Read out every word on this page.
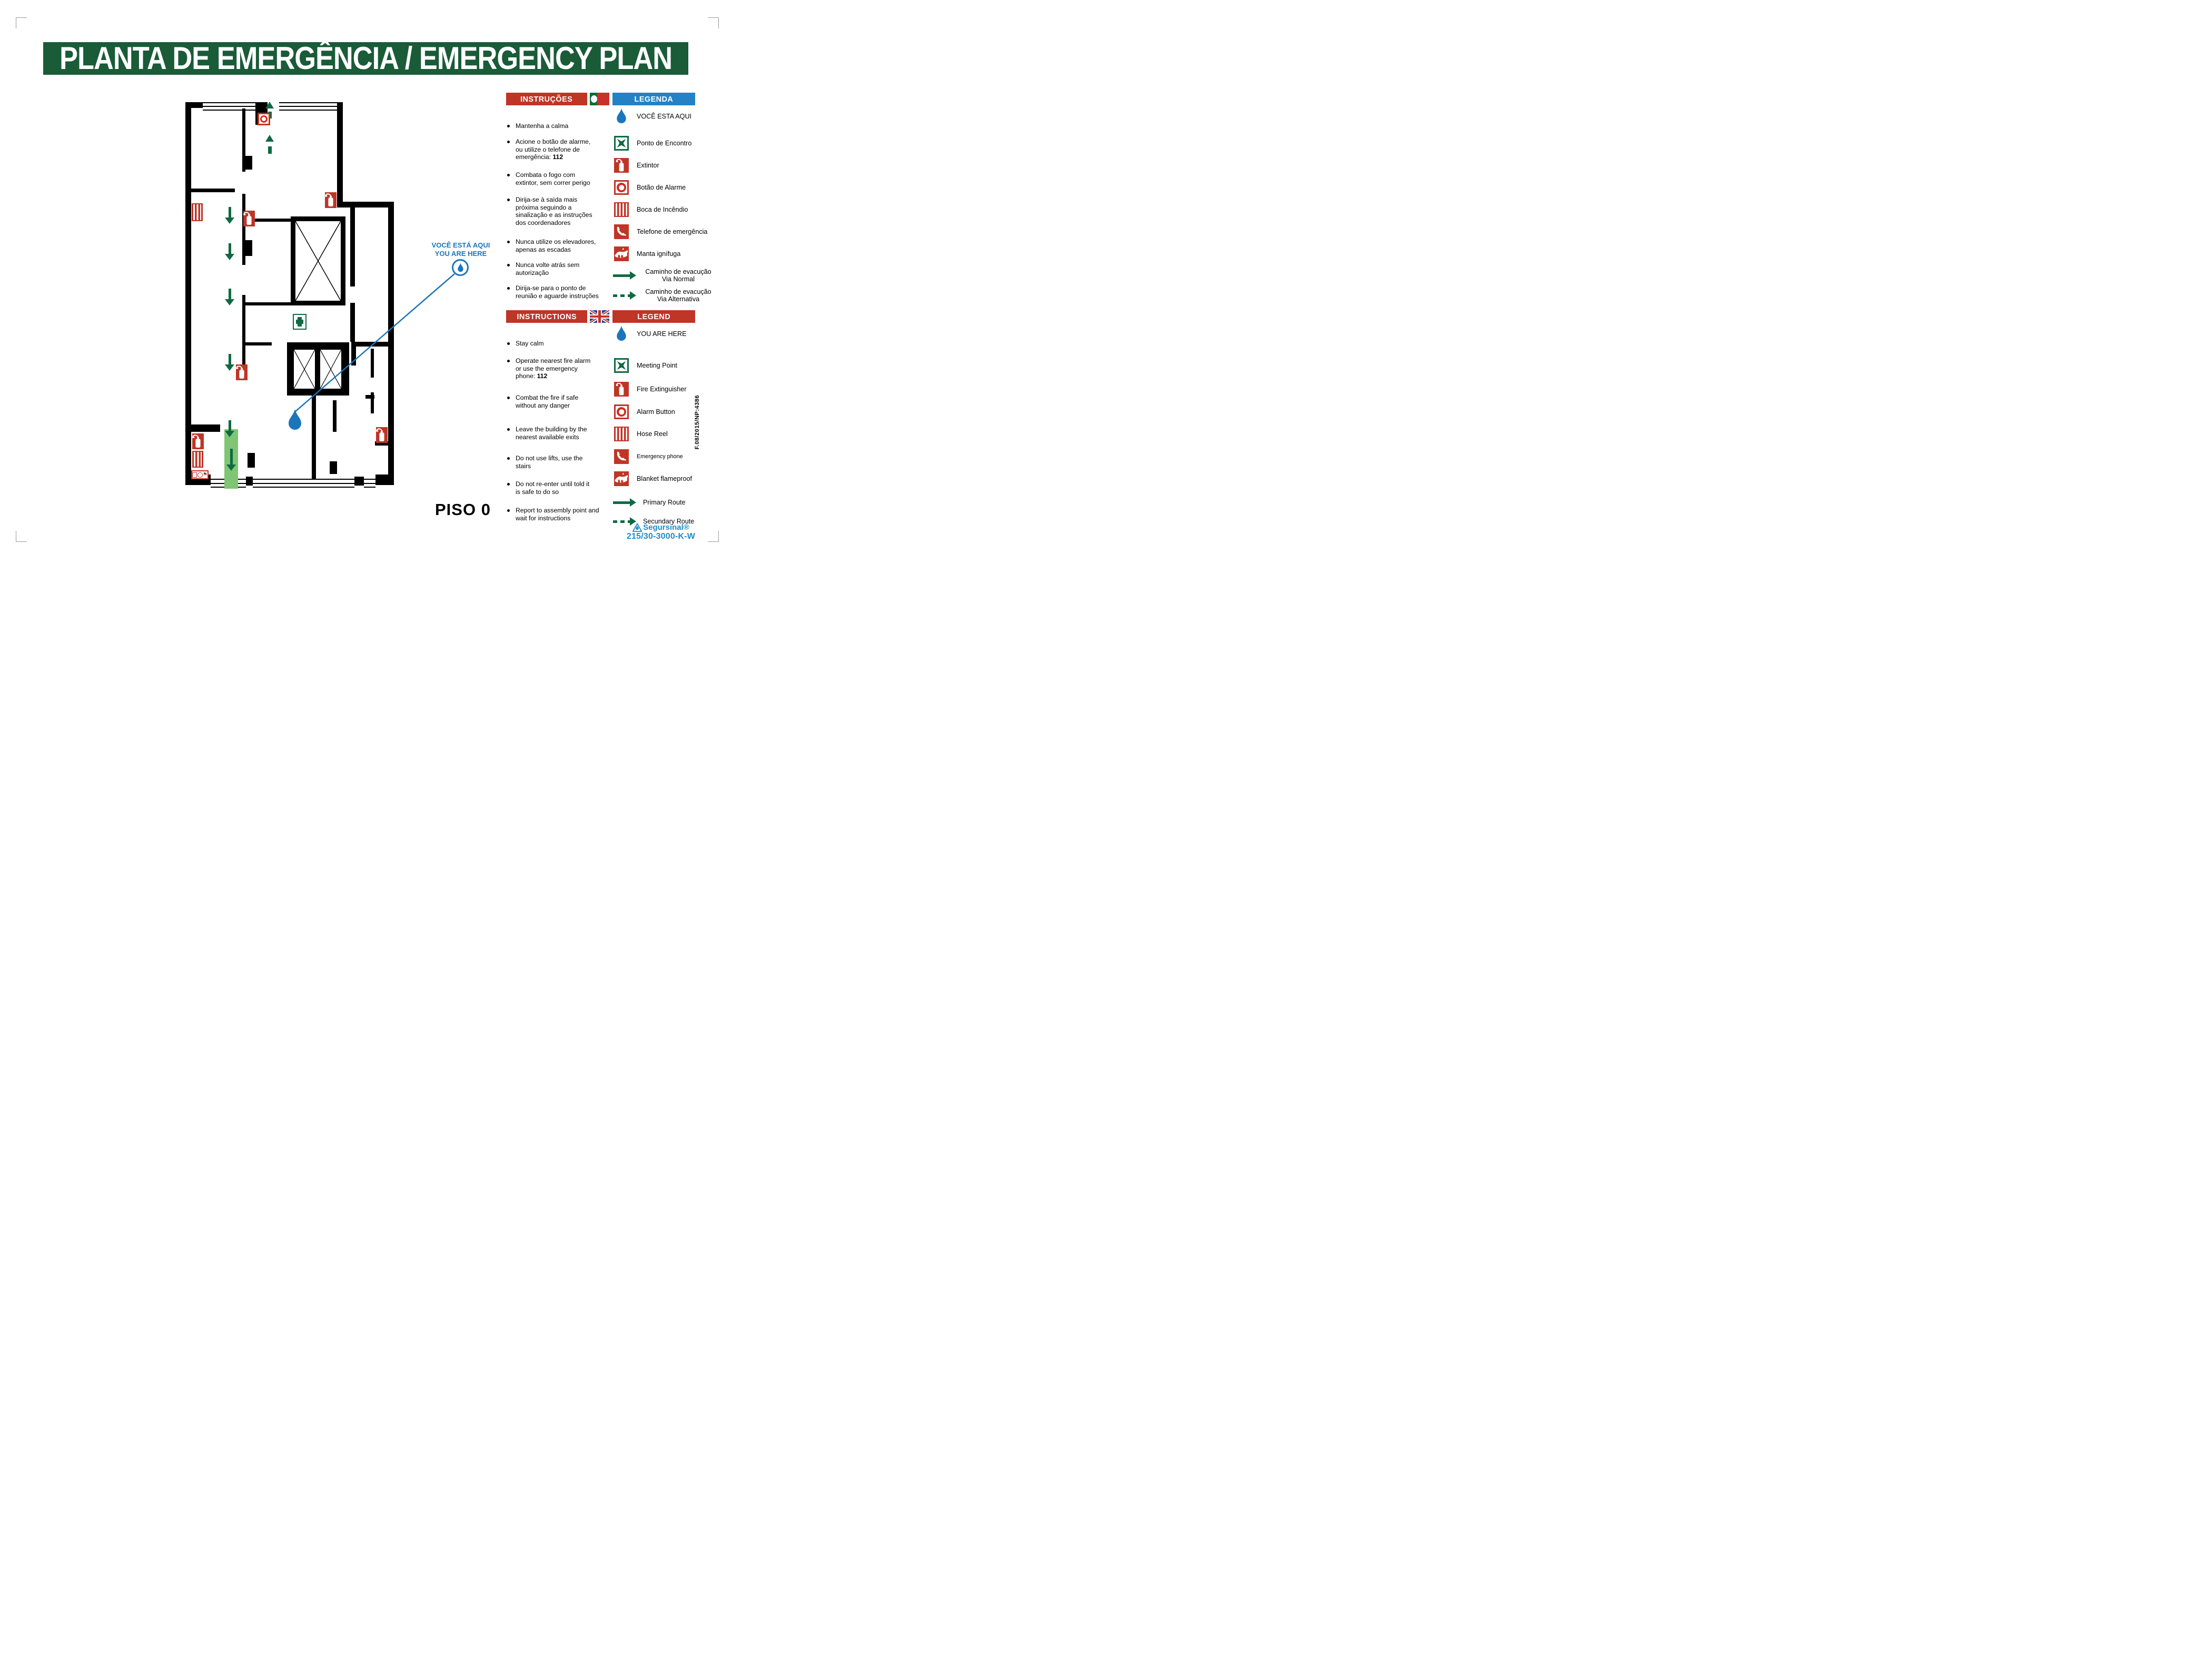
PLANTA DE EMERGÊNCIA / EMERGENCY PLAN
⚑
VOCÊ ESTÁ AQUI
YOU ARE HERE
PISO 0
INSTRUÇÕES	LEGENDA
Mantenha a calma
Acione o botão de alarme,
ou utilize o telefone de
emergência: 112
Combata o fogo com
extintor, sem correr perigo
Dirija-se à saìda mais
próxima seguindo a
sinalização e as instruções
dos coordenadores
Nunca utilize os elevadores,
apenas as escadas
Nunca volte atrás sem
autorização
Dirija-se para o ponto de
reunião e aguarde instruções
VOCÊ ESTA AQUI
Ponto de Encontro
Extintor
Botão de Alarme
Boca de Incêndio
Telefone de emergência
Manta ignífuga
Caminho de evacução
Via Normal
Caminho de evacução
Via Alternativa
INSTRUCTIONS	LEGEND
Stay calm
Operate nearest fire alarm
or use the emergency
phone: 112
Combat the fire if safe
without any danger
Leave the building by the
nearest available exits
Do not use lifts, use the
stairs
Do not re-enter until told it
is safe to do so
Report to assembly point and
wait for instructions
YOU ARE HERE
Meeting Point
Fire Extinguisher
Alarm Button
Hose Reel
Emergency phone
Blanket flameproof
Primary Route
Secundary Route
F.08/2015/NP:4386
Segursinal®
215/30-3000-K-W
